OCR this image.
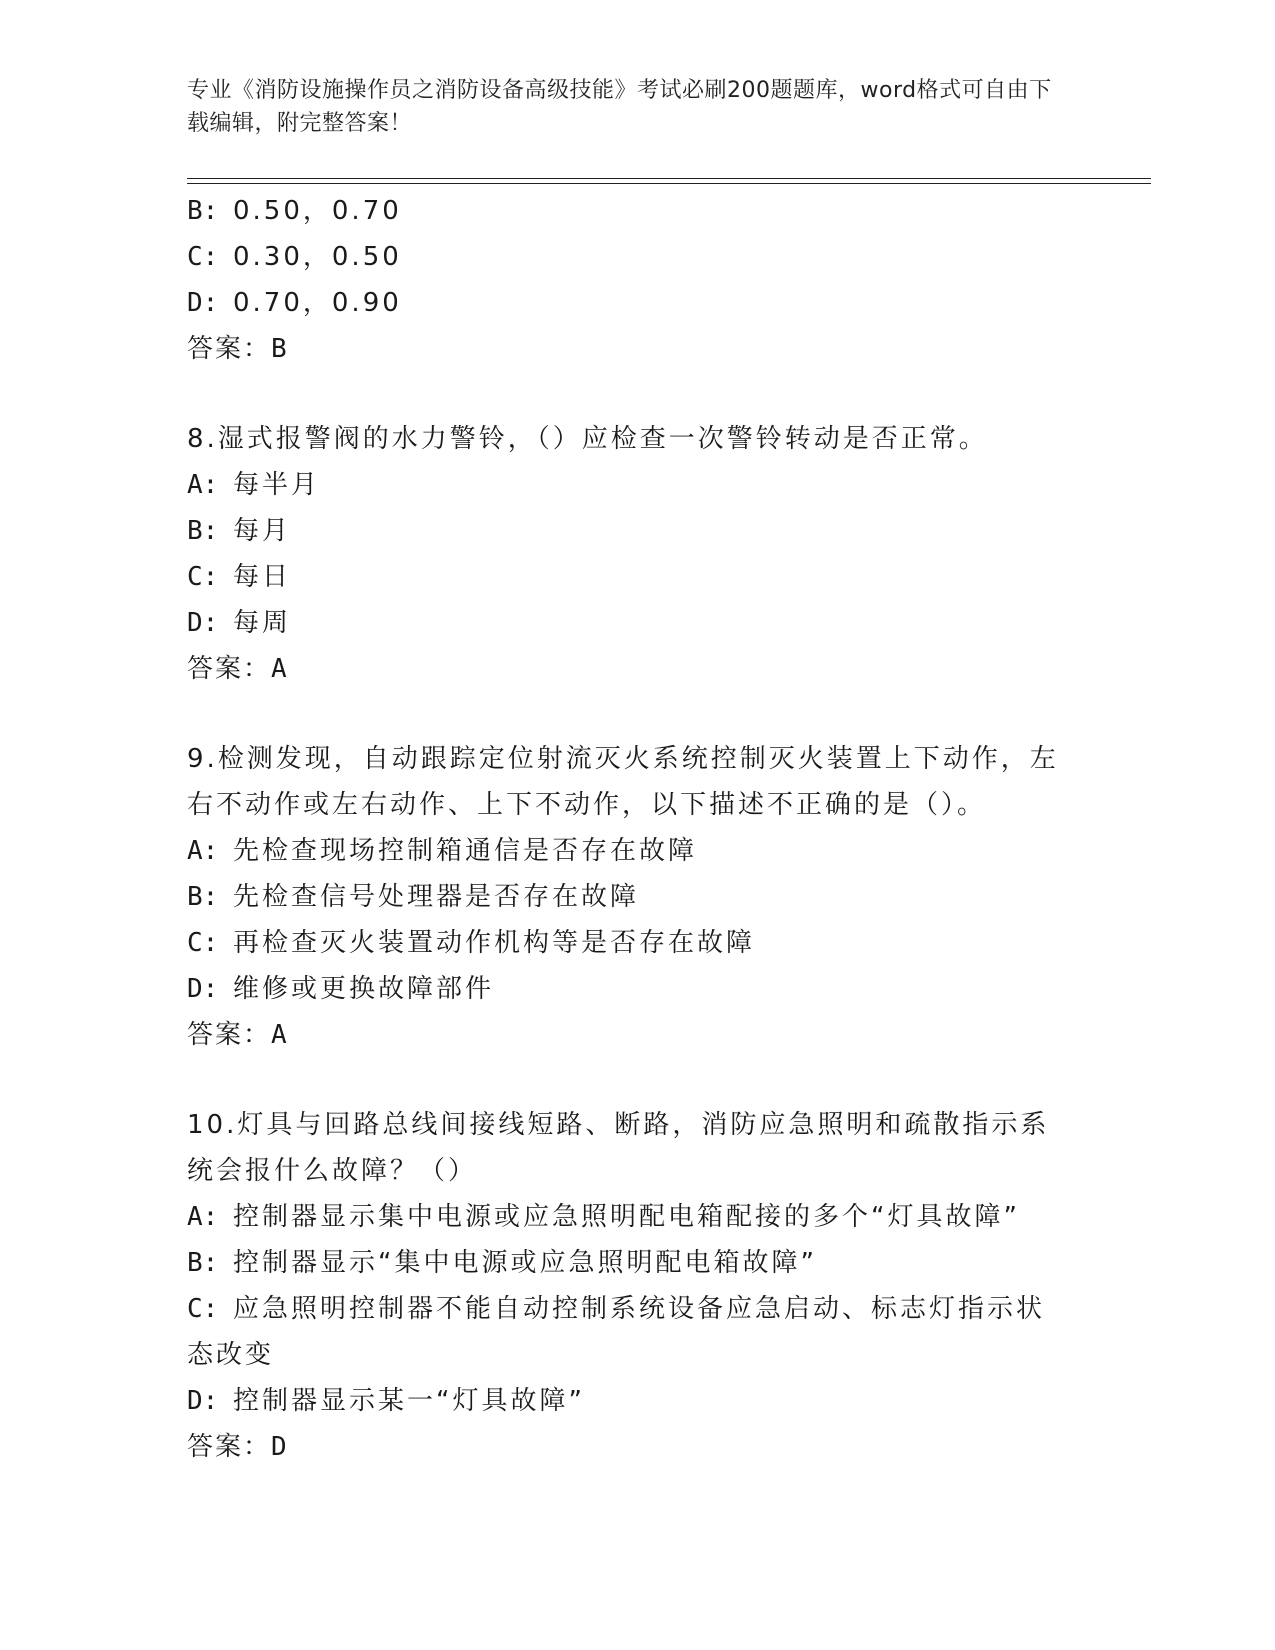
专业《消防设施操作员之消防设备高级技能》考试必刷200题题库，word格式可自由下载编辑，附完整答案！
B: 0.50，0.70
C: 0.30，0.50
D: 0.70，0.90
答案：B
8.湿式报警阀的水力警铃，（）应检查一次警铃转动是否正常。
A: 每半月
B: 每月
C: 每日
D: 每周
答案：A
9.检测发现，自动跟踪定位射流灭火系统控制灭火装置上下动作，左右不动作或左右动作、上下不动作，以下描述不正确的是（）。
A: 先检查现场控制箱通信是否存在故障
B: 先检查信号处理器是否存在故障
C: 再检查灭火装置动作机构等是否存在故障
D: 维修或更换故障部件
答案：A
10.灯具与回路总线间接线短路、断路，消防应急照明和疏散指示系统会报什么故障？（）
A: 控制器显示集中电源或应急照明配电箱配接的多个“灯具故障”
B: 控制器显示“集中电源或应急照明配电箱故障”
C: 应急照明控制器不能自动控制系统设备应急启动、标志灯指示状态改变
D: 控制器显示某一“灯具故障”
答案：D
